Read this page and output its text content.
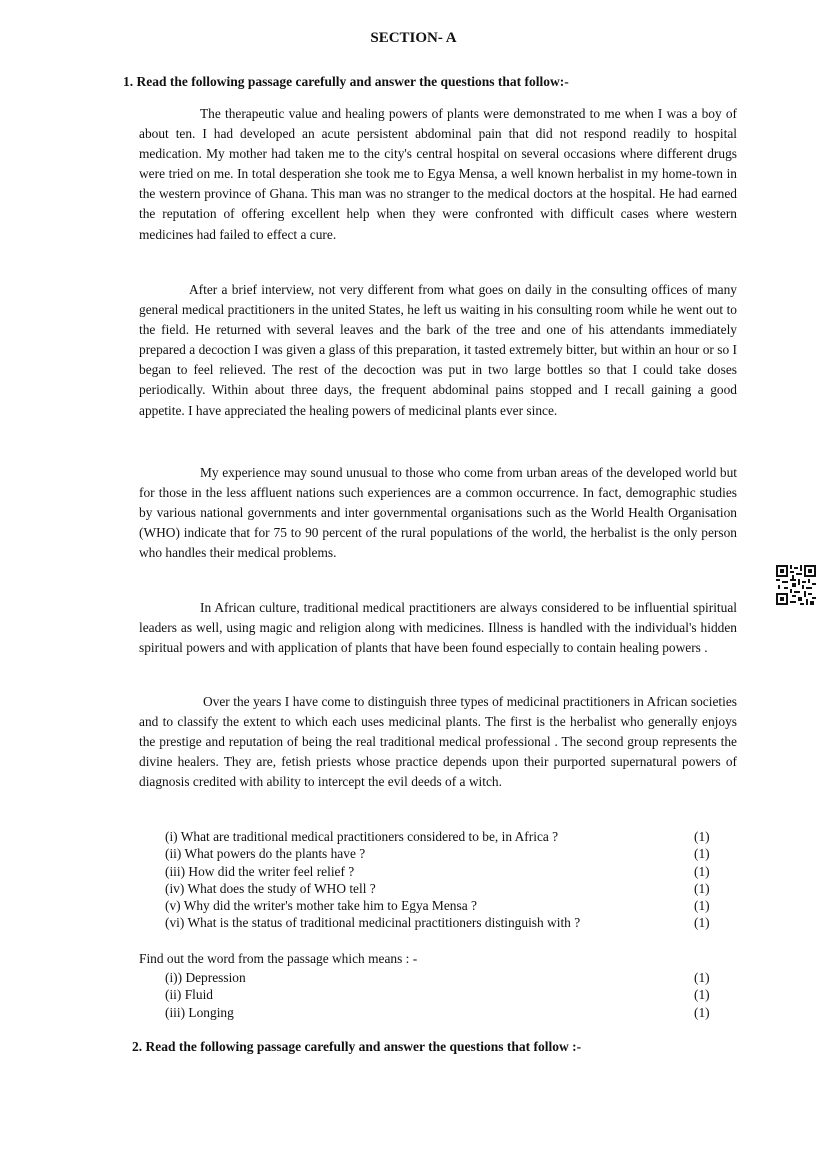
SECTION- A
1. Read the following passage carefully and answer the questions that follow:-

The therapeutic value and healing powers of plants were demonstrated to me when I was a boy of about ten. I had developed an acute persistent abdominal pain that did not respond readily to hospital medication. My mother had taken me to the city's central hospital on several occasions where different drugs were tried on me. In total desperation she took me to Egya Mensa, a well known herbalist in my home-town in the western province of Ghana. This man was no stranger to the medical doctors at the hospital. He had earned the reputation of offering excellent help when they were confronted with difficult cases where western medicines had failed to effect a cure.

After a brief interview, not very different from what goes on daily in the consulting offices of many general medical practitioners in the united States, he left us waiting in his consulting room while he went out to the field. He returned with several leaves and the bark of the tree and one of his attendants immediately prepared a decoction I was given a glass of this preparation, it tasted extremely bitter, but within an hour or so I began to feel relieved. The rest of the decoction was put in two large bottles so that I could take doses periodically. Within about three days, the frequent abdominal pains stopped and I recall gaining a good appetite. I have appreciated the healing powers of medicinal plants ever since.

My experience may sound unusual to those who come from urban areas of the developed world but for those in the less affluent nations such experiences are a common occurrence. In fact, demographic studies by various national governments and inter governmental organisations such as the World Health Organisation (WHO) indicate that for 75 to 90 percent of the rural populations of the world, the herbalist is the only person who handles their medical problems.

In African culture, traditional medical practitioners are always considered to be influential spiritual leaders as well, using magic and religion along with medicines. Illness is handled with the individual's hidden spiritual powers and with application of plants that have been found especially to contain healing powers .

Over the years I have come to distinguish three types of medicinal practitioners in African societies and to classify the extent to which each uses medicinal plants. The first is the herbalist who generally enjoys the prestige and reputation of being the real traditional medical professional . The second group represents the divine healers. They are, fetish priests whose practice depends upon their purported supernatural powers of diagnosis credited with ability to intercept the evil deeds of a witch.

(i) What are traditional medical practitioners considered to be, in Africa ?	(1)
(ii) What powers do the plants have ?	(1)
(iii) How did the writer feel relief ?	(1)
(iv) What does the study of WHO tell ?	(1)
(v) Why did the writer's mother take him to Egya Mensa ?	(1)
(vi) What is the status of traditional medicinal practitioners distinguish with ?	(1)
Find out the word from the passage which means : -
(i)) Depression	(1)
(ii) Fluid	(1)
(iii) Longing	(1)
2. Read the following passage carefully and answer the questions that follow :-
